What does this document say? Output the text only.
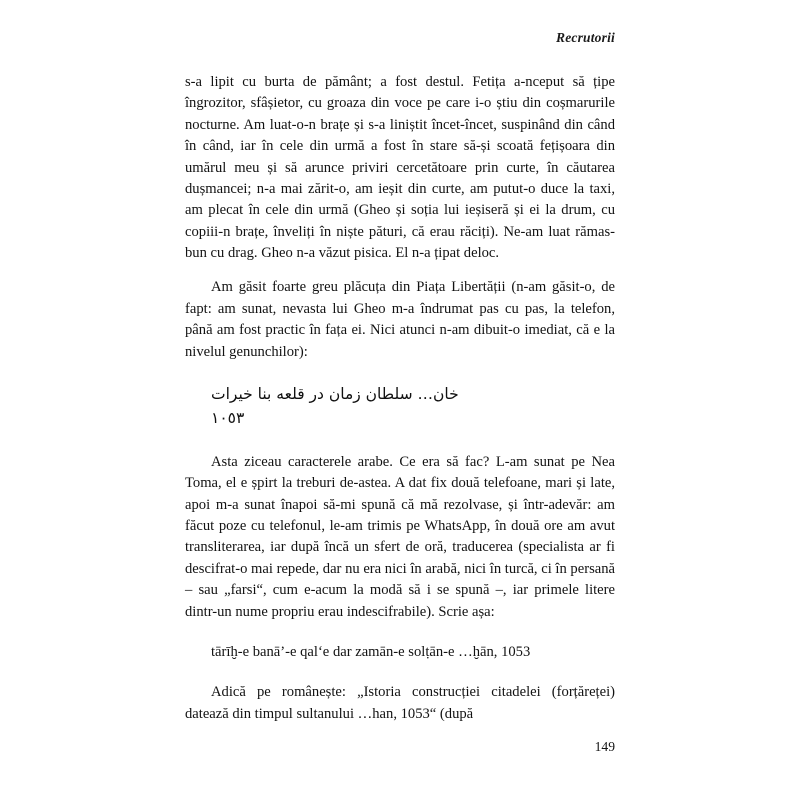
Recrutorii

s-a lipit cu burta de pământ; a fost destul. Fetița a-nceput să țipe îngrozitor, sfâșietor, cu groaza din voce pe care i-o știu din coșmarurile nocturne. Am luat-o-n brațe și s-a liniștit încet-încet, suspinând din când în când, iar în cele din urmă a fost în stare să-și scoată fețișoara din umărul meu și să arunce priviri cercetătoare prin curte, în căutarea dușmancei; n-a mai zărit-o, am ieșit din curte, am putut-o duce la taxi, am plecat în cele din urmă (Gheo și soția lui ieșiseră și ei la drum, cu copiii-n brațe, înveliți în niște pături, că erau răciți). Ne-am luat rămas-bun cu drag. Gheo n-a văzut pisica. El n-a țipat deloc.

Am găsit foarte greu plăcuța din Piața Libertății (n-am găsit-o, de fapt: am sunat, nevasta lui Gheo m-a îndrumat pas cu pas, la telefon, până am fost practic în fața ei. Nici atunci n-am dibuit-o imediat, că e la nivelul genunchilor):

خان… سلطان زمان در قلعه بنا خیرات
١٠٥٣

Asta ziceau caracterele arabe. Ce era să fac? L-am sunat pe Nea Toma, el e șpirt la treburi de-astea. A dat fix două telefoane, mari și late, apoi m-a sunat înapoi să-mi spună că mă rezolvase, și într-adevăr: am făcut poze cu telefonul, le-am trimis pe WhatsApp, în două ore am avut transliterarea, iar după încă un sfert de oră, traducerea (specialista ar fi descifrat-o mai repede, dar nu era nici în arabă, nici în turcă, ci în persană – sau „farsi“, cum e-acum la modă să i se spună –, iar primele litere dintr-un nume propriu erau indescifrabile). Scrie așa:

tārīḫ-e banā’-e qal‘e dar zamān-e solṭān-e …ḫān, 1053

Adică pe românește: „Istoria construcției citadelei (forțăreței) datează din timpul sultanului …han, 1053“ (după

149
